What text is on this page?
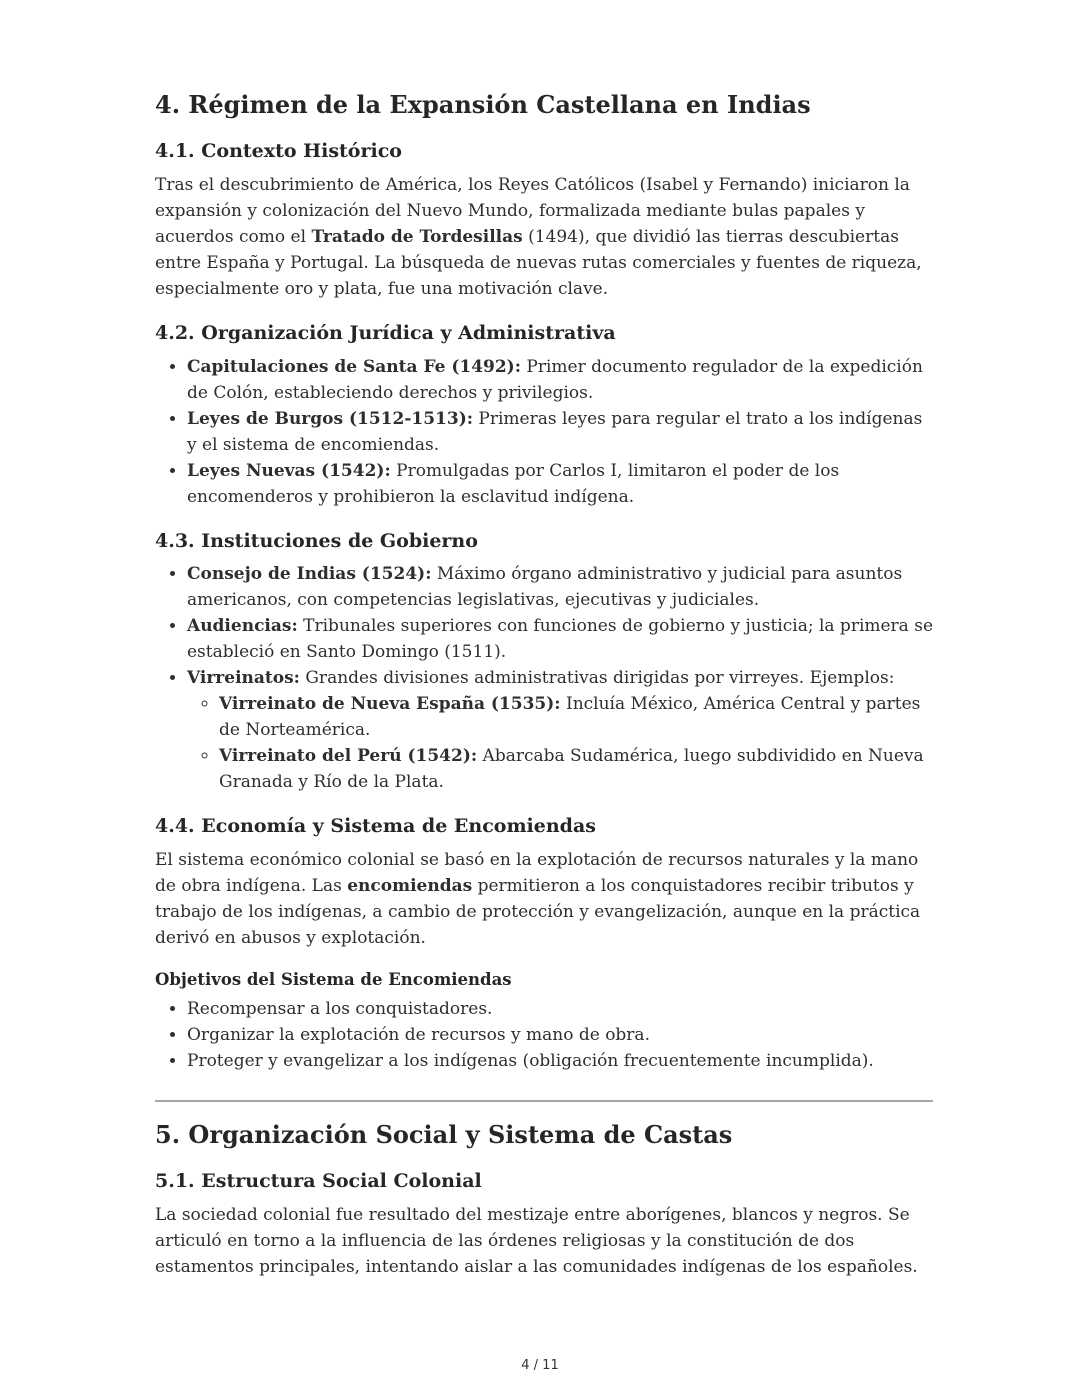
4. Régimen de la Expansión Castellana en Indias
4.1. Contexto Histórico

Tras el descubrimiento de América, los Reyes Católicos (Isabel y Fernando) iniciaron la expansión y colonización del Nuevo Mundo, formalizada mediante bulas papales y acuerdos como el Tratado de Tordesillas (1494), que dividió las tierras descubiertas entre España y Portugal. La búsqueda de nuevas rutas comerciales y fuentes de riqueza, especialmente oro y plata, fue una motivación clave.

4.2. Organización Jurídica y Administrativa
• Capitulaciones de Santa Fe (1492): Primer documento regulador de la expedición de Colón, estableciendo derechos y privilegios.
• Leyes de Burgos (1512-1513): Primeras leyes para regular el trato a los indígenas y el sistema de encomiendas.
• Leyes Nuevas (1542): Promulgadas por Carlos I, limitaron el poder de los encomenderos y prohibieron la esclavitud indígena.
4.3. Instituciones de Gobierno
• Consejo de Indias (1524): Máximo órgano administrativo y judicial para asuntos americanos, con competencias legislativas, ejecutivas y judiciales.
• Audiencias: Tribunales superiores con funciones de gobierno y justicia; la primera se estableció en Santo Domingo (1511).
• Virreinatos: Grandes divisiones administrativas dirigidas por virreyes. Ejemplos:
◦ Virreinato de Nueva España (1535): Incluía México, América Central y partes de Norteamérica.
◦ Virreinato del Perú (1542): Abarcaba Sudamérica, luego subdividido en Nueva Granada y Río de la Plata.
4.4. Economía y Sistema de Encomiendas

El sistema económico colonial se basó en la explotación de recursos naturales y la mano de obra indígena. Las encomiendas permitieron a los conquistadores recibir tributos y trabajo de los indígenas, a cambio de protección y evangelización, aunque en la práctica derivó en abusos y explotación.

Objetivos del Sistema de Encomiendas
• Recompensar a los conquistadores.
• Organizar la explotación de recursos y mano de obra.
• Proteger y evangelizar a los indígenas (obligación frecuentemente incumplida).
5. Organización Social y Sistema de Castas
5.1. Estructura Social Colonial

La sociedad colonial fue resultado del mestizaje entre aborígenes, blancos y negros. Se articuló en torno a la influencia de las órdenes religiosas y la constitución de dos estamentos principales, intentando aislar a las comunidades indígenas de los españoles.

4 / 11
